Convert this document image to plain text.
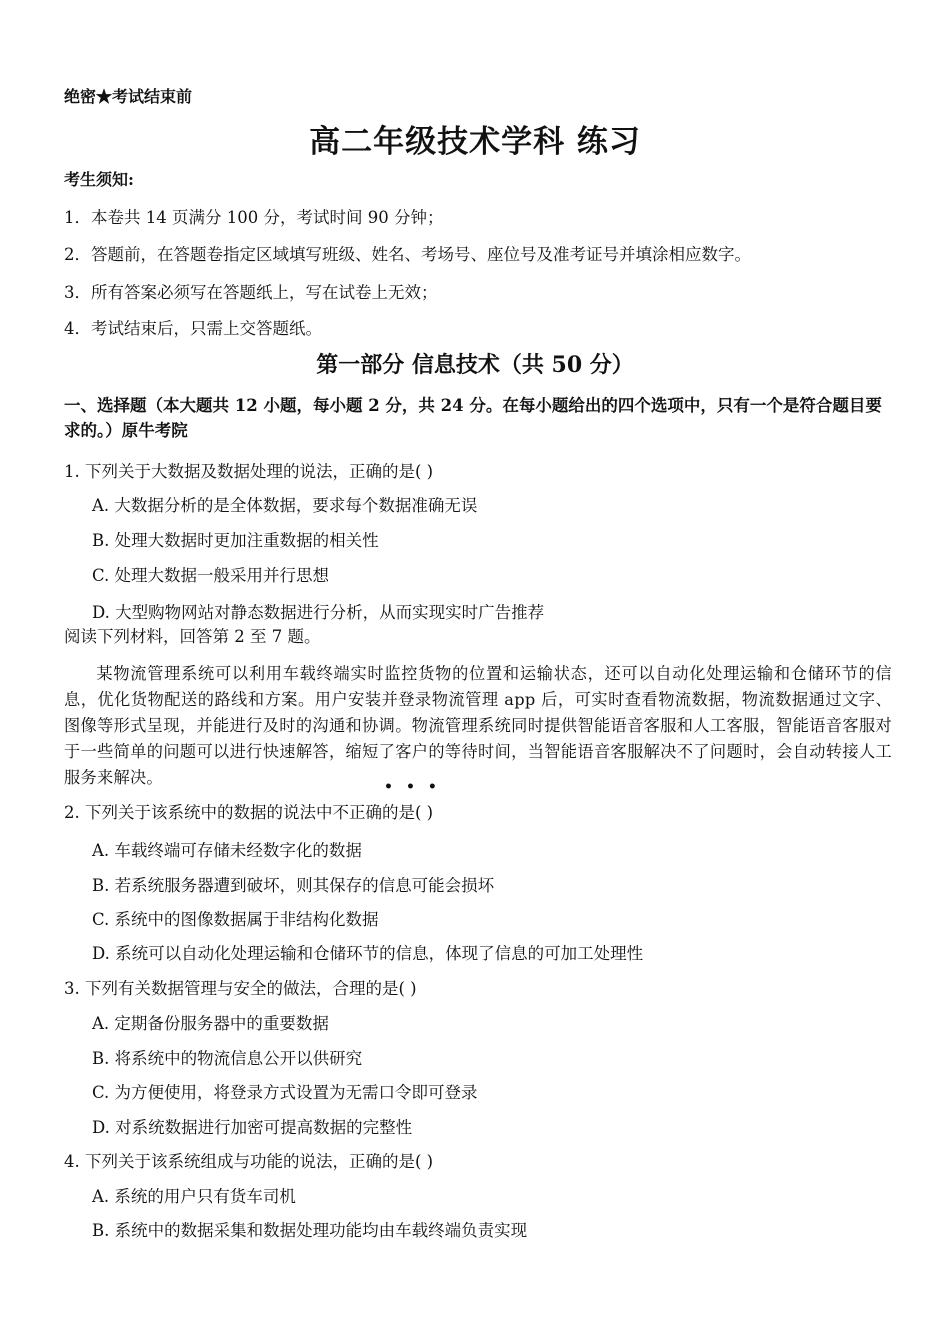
绝密★考试结束前
高二年级技术学科 练习
考生须知:
1．本卷共 14 页满分 100 分，考试时间 90 分钟；
2．答题前，在答题卷指定区域填写班级、姓名、考场号、座位号及准考证号并填涂相应数字。
3．所有答案必须写在答题纸上，写在试卷上无效；
4．考试结束后，只需上交答题纸。
第一部分 信息技术（共 50 分）
一、选择题（本大题共 12 小题，每小题 2 分，共 24 分。在每小题给出的四个选项中，只有一个是符合题目要求的。）原牛考院
1. 下列关于大数据及数据处理的说法，正确的是( )
A. 大数据分析的是全体数据，要求每个数据准确无误
B. 处理大数据时更加注重数据的相关性
C. 处理大数据一般采用并行思想
D. 大型购物网站对静态数据进行分析，从而实现实时广告推荐
阅读下列材料，回答第 2 至 7 题。
某物流管理系统可以利用车载终端实时监控货物的位置和运输状态，还可以自动化处理运输和仓储环节的信息，优化货物配送的路线和方案。用户安装并登录物流管理 app 后，可实时查看物流数据，物流数据通过文字、图像等形式呈现，并能进行及时的沟通和协调。物流管理系统同时提供智能语音客服和人工客服，智能语音客服对于一些简单的问题可以进行快速解答，缩短了客户的等待时间，当智能语音客服解决不了问题时，会自动转接人工服务来解决。	•••
2. 下列关于该系统中的数据的说法中不正确的是( )
A. 车载终端可存储未经数字化的数据
B. 若系统服务器遭到破坏，则其保存的信息可能会损坏
C. 系统中的图像数据属于非结构化数据
D. 系统可以自动化处理运输和仓储环节的信息，体现了信息的可加工处理性
3. 下列有关数据管理与安全的做法，合理的是( )
A. 定期备份服务器中的重要数据
B. 将系统中的物流信息公开以供研究
C. 为方便使用，将登录方式设置为无需口令即可登录
D. 对系统数据进行加密可提高数据的完整性
4. 下列关于该系统组成与功能的说法，正确的是( )
A. 系统的用户只有货车司机
B. 系统中的数据采集和数据处理功能均由车载终端负责实现
